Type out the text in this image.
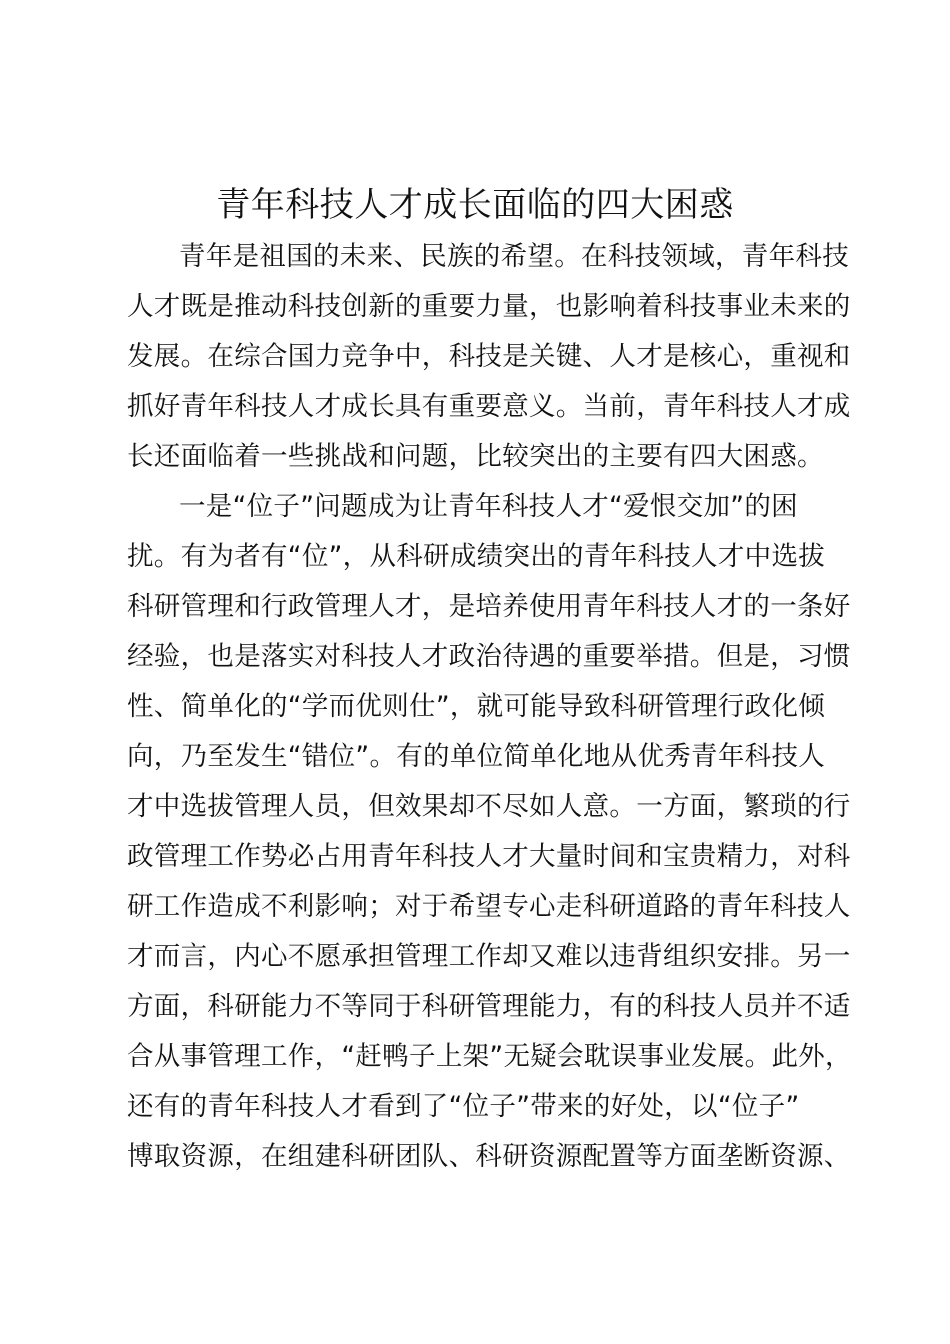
青年科技人才成长面临的四大困惑
青年是祖国的未来、民族的希望。在科技领域，青年科技
人才既是推动科技创新的重要力量，也影响着科技事业未来的
发展。在综合国力竞争中，科技是关键、人才是核心，重视和
抓好青年科技人才成长具有重要意义。当前，青年科技人才成
长还面临着一些挑战和问题，比较突出的主要有四大困惑。
一是“位子”问题成为让青年科技人才“爱恨交加”的困
扰。有为者有“位”，从科研成绩突出的青年科技人才中选拔
科研管理和行政管理人才，是培养使用青年科技人才的一条好
经验，也是落实对科技人才政治待遇的重要举措。但是，习惯
性、简单化的“学而优则仕”，就可能导致科研管理行政化倾
向，乃至发生“错位”。有的单位简单化地从优秀青年科技人
才中选拔管理人员，但效果却不尽如人意。一方面，繁琐的行
政管理工作势必占用青年科技人才大量时间和宝贵精力，对科
研工作造成不利影响；对于希望专心走科研道路的青年科技人
才而言，内心不愿承担管理工作却又难以违背组织安排。另一
方面，科研能力不等同于科研管理能力，有的科技人员并不适
合从事管理工作，“赶鸭子上架”无疑会耽误事业发展。此外，
还有的青年科技人才看到了“位子”带来的好处，以“位子”
博取资源，在组建科研团队、科研资源配置等方面垄断资源、
